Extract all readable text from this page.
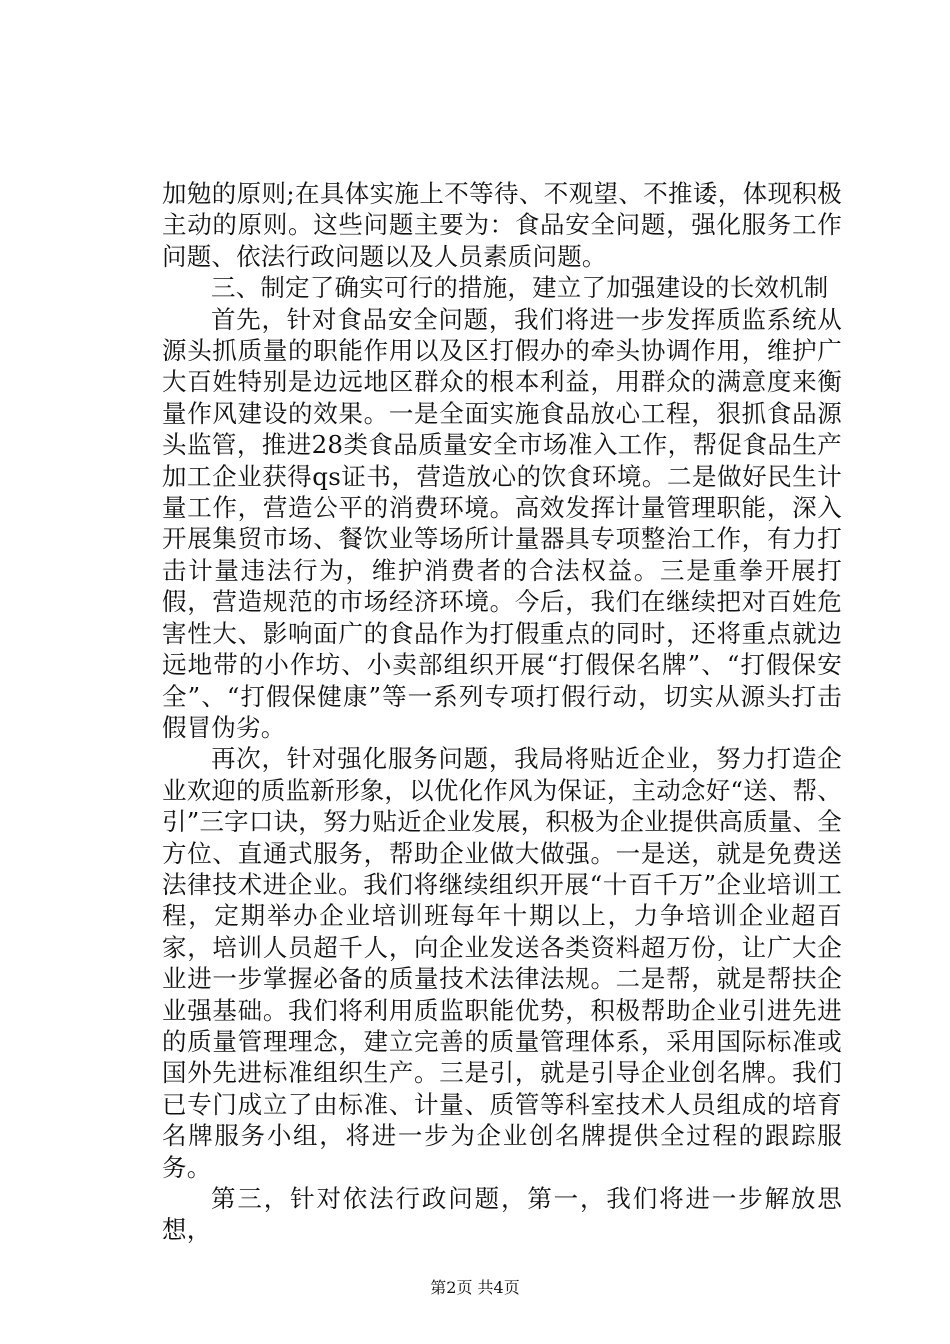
加勉的原则;在具体实施上不等待、不观望、不推诿，体现积极主动的原则。这些问题主要为：食品安全问题，强化服务工作问题、依法行政问题以及人员素质问题。

三、制定了确实可行的措施，建立了加强建设的长效机制

首先，针对食品安全问题，我们将进一步发挥质监系统从源头抓质量的职能作用以及区打假办的牵头协调作用，维护广大百姓特别是边远地区群众的根本利益，用群众的满意度来衡量作风建设的效果。一是全面实施食品放心工程，狠抓食品源头监管，推进28类食品质量安全市场准入工作，帮促食品生产加工企业获得qs证书，营造放心的饮食环境。二是做好民生计量工作，营造公平的消费环境。高效发挥计量管理职能，深入开展集贸市场、餐饮业等场所计量器具专项整治工作，有力打击计量违法行为，维护消费者的合法权益。三是重拳开展打假，营造规范的市场经济环境。今后，我们在继续把对百姓危害性大、影响面广的食品作为打假重点的同时，还将重点就边远地带的小作坊、小卖部组织开展“打假保名牌”、“打假保安全”、“打假保健康”等一系列专项打假行动，切实从源头打击假冒伪劣。

再次，针对强化服务问题，我局将贴近企业，努力打造企业欢迎的质监新形象，以优化作风为保证，主动念好“送、帮、引”三字口诀，努力贴近企业发展，积极为企业提供高质量、全方位、直通式服务，帮助企业做大做强。一是送，就是免费送法律技术进企业。我们将继续组织开展“十百千万”企业培训工程，定期举办企业培训班每年十期以上，力争培训企业超百家，培训人员超千人，向企业发送各类资料超万份，让广大企业进一步掌握必备的质量技术法律法规。二是帮，就是帮扶企业强基础。我们将利用质监职能优势，积极帮助企业引进先进的质量管理理念，建立完善的质量管理体系，采用国际标准或国外先进标准组织生产。三是引，就是引导企业创名牌。我们已专门成立了由标准、计量、质管等科室技术人员组成的培育名牌服务小组，将进一步为企业创名牌提供全过程的跟踪服务。

第三，针对依法行政问题，第一，我们将进一步解放思想，

第2页 共4页
